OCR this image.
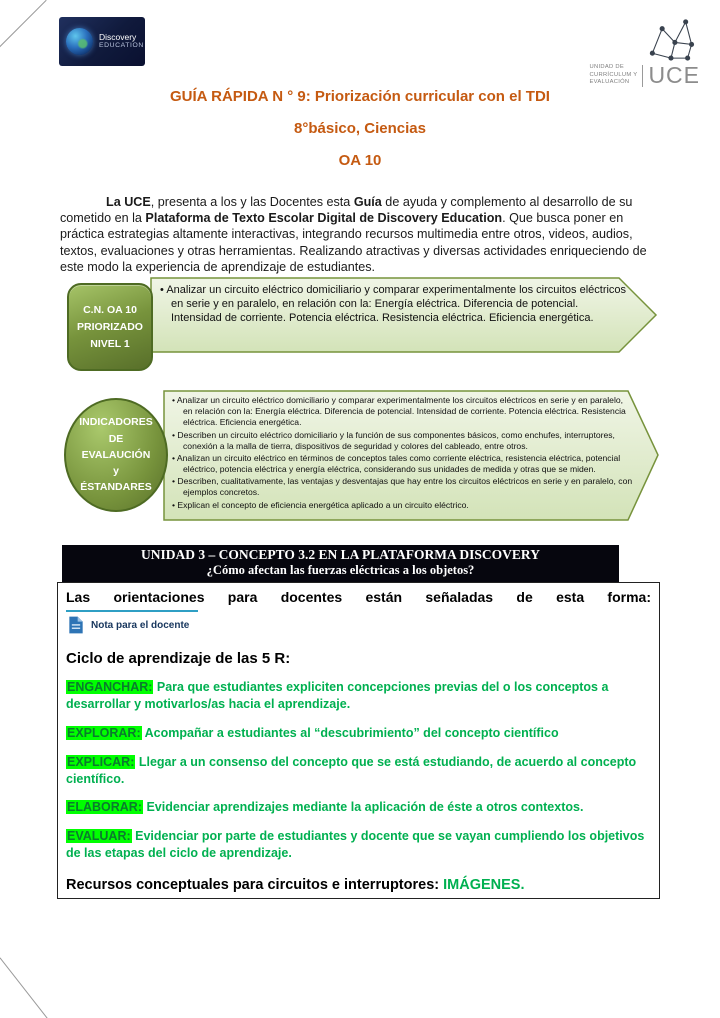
Discovery
EDUCATION
UNIDAD DE
CURRÍCULUM Y
EVALUACIÓN UCE
GUÍA RÁPIDA N ° 9: Priorización curricular con el TDI
8°básico, Ciencias
OA 10

La UCE, presenta a los y las Docentes esta Guía de ayuda y complemento al desarrollo de su cometido en la Plataforma de Texto Escolar Digital de Discovery Education. Que busca poner en práctica estrategias altamente interactivas, integrando recursos multimedia entre otros, videos, audios, textos, evaluaciones y otras herramientas. Realizando atractivas y diversas actividades enriqueciendo de este modo la experiencia de aprendizaje de estudiantes.

• Analizar un circuito eléctrico domiciliario y comparar experimentalmente los circuitos eléctricos en serie y en paralelo, en relación con la: Energía eléctrica. Diferencia de potencial. Intensidad de corriente. Potencia eléctrica. Resistencia eléctrica. Eficiencia energética.
C.N. OA 10
PRIORIZADO
NIVEL 1
• Analizar un circuito eléctrico domiciliario y comparar experimentalmente los circuitos eléctricos en serie y en paralelo, en relación con la: Energía eléctrica. Diferencia de potencial. Intensidad de corriente. Potencia eléctrica. Resistencia eléctrica. Eficiencia energética.
• Describen un circuito eléctrico domiciliario y la función de sus componentes básicos, como enchufes, interruptores, conexión a la malla de tierra, dispositivos de seguridad y colores del cableado, entre otros.
• Analizan un circuito eléctrico en términos de conceptos tales como corriente eléctrica, resistencia eléctrica, potencial eléctrico, potencia eléctrica y energía eléctrica, considerando sus unidades de medida y otras que se miden.
• Describen, cualitativamente, las ventajas y desventajas que hay entre los circuitos eléctricos en serie y en paralelo, con ejemplos concretos.
• Explican el concepto de eficiencia energética aplicado a un circuito eléctrico.
INDICADORES
DE
EVALAUCIÓN
y
ÉSTANDARES
UNIDAD 3 – CONCEPTO 3.2 EN LA PLATAFORMA DISCOVERY
¿Cómo afectan las fuerzas eléctricas a los objetos?
Las orientaciones para docentes están señaladas de esta forma:
Nota para el docente
Ciclo de aprendizaje de las 5 R:
ENGANCHAR: Para que estudiantes expliciten concepciones previas del o los conceptos a desarrollar y motivarlos/as hacia el aprendizaje.
EXPLORAR: Acompañar a estudiantes al “descubrimiento” del concepto científico
EXPLICAR: Llegar a un consenso del concepto que se está estudiando, de acuerdo al concepto científico.
ELABORAR: Evidenciar aprendizajes mediante la aplicación de éste a otros contextos.
EVALUAR: Evidenciar por parte de estudiantes y docente que se vayan cumpliendo los objetivos de las etapas del ciclo de aprendizaje.
Recursos conceptuales para circuitos e interruptores: IMÁGENES.
